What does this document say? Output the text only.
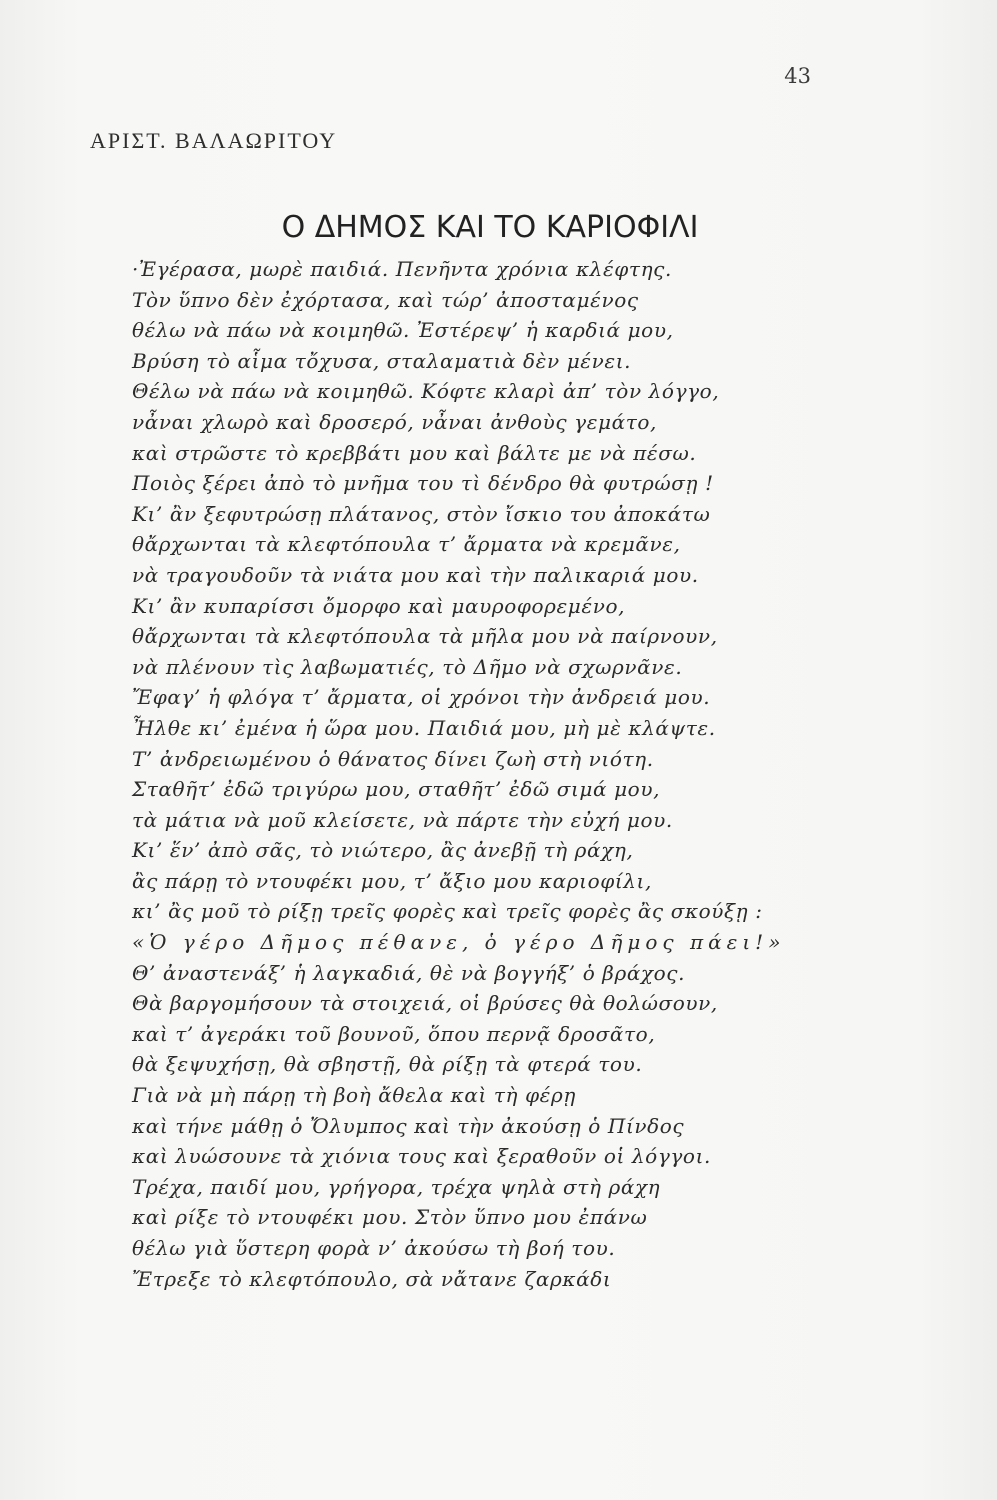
43
ΑΡΙΣΤ. ΒΑΛΑΩΡΙΤΟΥ
Ο ΔΗΜΟΣ ΚΑΙ ΤΟ ΚΑΡΙΟΦΙΛΙ
·Ἐγέρασα, μωρὲ παιδιά. Πενῆντα χρόνια κλέφτης.
Τὸν ὕπνο δὲν ἐχόρτασα, καὶ τώρ’ ἀποσταμένος
θέλω νὰ πάω νὰ κοιμηθῶ. Ἐστέρεψ’ ἡ καρδιά μου,
Βρύση τὸ αἷμα τὄχυσα, σταλαματιὰ δὲν μένει.
Θέλω νὰ πάω νὰ κοιμηθῶ. Κόφτε κλαρὶ ἀπ’ τὸν λόγγο,
νἆναι χλωρὸ καὶ δροσερό, νἆναι ἀνθοὺς γεμάτο,
καὶ στρῶστε τὸ κρεββάτι μου καὶ βάλτε με νὰ πέσω.
Ποιὸς ξέρει ἀπὸ τὸ μνῆμα του τὶ δένδρο θὰ φυτρώσῃ !
Κι’ ἂν ξεφυτρώσῃ πλάτανος, στὸν ἴσκιο του ἀποκάτω
θἄρχωνται τὰ κλεφτόπουλα τ’ ἄρματα νὰ κρεμᾶνε,
νὰ τραγουδοῦν τὰ νιάτα μου καὶ τὴν παλικαριά μου.
Κι’ ἂν κυπαρίσσι ὄμορφο καὶ μαυροφορεμένο,
θἄρχωνται τὰ κλεφτόπουλα τὰ μῆλα μου νὰ παίρνουν,
νὰ πλένουν τὶς λαβωματιές, τὸ Δῆμο νὰ σχωρνᾶνε.
Ἔφαγ’ ἡ φλόγα τ’ ἄρματα, οἱ χρόνοι τὴν ἀνδρειά μου.
Ἦλθε κι’ ἐμένα ἡ ὥρα μου. Παιδιά μου, μὴ μὲ κλάψτε.
Τ’ ἀνδρειωμένου ὁ θάνατος δίνει ζωὴ στὴ νιότη.
Σταθῆτ’ ἐδῶ τριγύρω μου, σταθῆτ’ ἐδῶ σιμά μου,
τὰ μάτια νὰ μοῦ κλείσετε, νὰ πάρτε τὴν εὐχή μου.
Κι’ ἕν’ ἀπὸ σᾶς, τὸ νιώτερο, ἂς ἀνεβῇ τὴ ράχη,
ἂς πάρῃ τὸ ντουφέκι μου, τ’ ἄξιο μου καριοφίλι,
κι’ ἂς μοῦ τὸ ρίξῃ τρεῖς φορὲς καὶ τρεῖς φορὲς ἂς σκούξῃ :
«Ὁ γέρο Δῆμος πέθανε, ὁ γέρο Δῆμος πάει!»
Θ’ ἀναστενάξ’ ἡ λαγκαδιά, θὲ νὰ βογγήξ’ ὁ βράχος.
Θὰ βαργομήσουν τὰ στοιχειά, οἱ βρύσες θὰ θολώσουν,
καὶ τ’ ἀγεράκι τοῦ βουνοῦ, ὅπου περνᾷ δροσᾶτο,
θὰ ξεψυχήσῃ, θὰ σβηστῇ, θὰ ρίξῃ τὰ φτερά του.
Γιὰ νὰ μὴ πάρῃ τὴ βοὴ ἄθελα καὶ τὴ φέρῃ
καὶ τήνε μάθῃ ὁ Ὄλυμπος καὶ τὴν ἀκούσῃ ὁ Πίνδος
καὶ λυώσουνε τὰ χιόνια τους καὶ ξεραθοῦν οἱ λόγγοι.
Τρέχα, παιδί μου, γρήγορα, τρέχα ψηλὰ στὴ ράχη
καὶ ρίξε τὸ ντουφέκι μου. Στὸν ὕπνο μου ἐπάνω
θέλω γιὰ ὕστερη φορὰ ν’ ἀκούσω τὴ βοή του.
Ἔτρεξε τὸ κλεφτόπουλο, σὰ νἄτανε ζαρκάδι
